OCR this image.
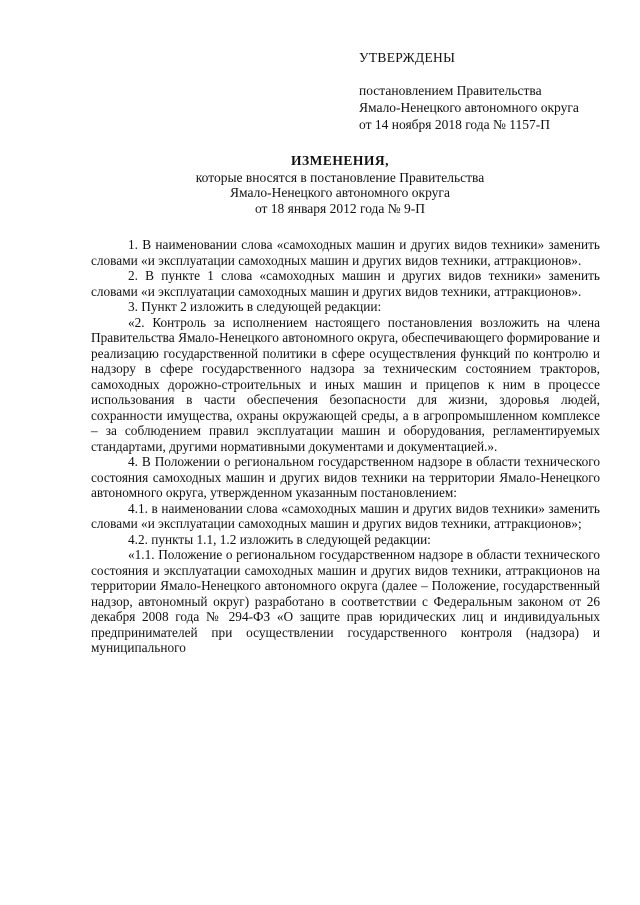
УТВЕРЖДЕНЫ
постановлением Правительства
Ямало-Ненецкого автономного округа
от 14 ноября 2018 года № 1157-П
ИЗМЕНЕНИЯ,
которые вносятся в постановление Правительства
Ямало-Ненецкого автономного округа
от 18 января 2012 года № 9-П

1. В наименовании слова «самоходных машин и других видов техники» заменить словами «и эксплуатации самоходных машин и других видов техники, аттракционов».

2. В пункте 1 слова «самоходных машин и других видов техники» заменить словами «и эксплуатации самоходных машин и других видов техники, аттракционов».

3. Пункт 2 изложить в следующей редакции:

«2. Контроль за исполнением настоящего постановления возложить на члена Правительства Ямало-Ненецкого автономного округа, обеспечивающего формирование и реализацию государственной политики в сфере осуществления функций по контролю и надзору в сфере государственного надзора за техническим состоянием тракторов, самоходных дорожно-строительных и иных машин и прицепов к ним в процессе использования в части обеспечения безопасности для жизни, здоровья людей, сохранности имущества, охраны окружающей среды, а в агропромышленном комплексе – за соблюдением правил эксплуатации машин и оборудования, регламентируемых стандартами, другими нормативными документами и документацией.».

4. В Положении о региональном государственном надзоре в области технического состояния самоходных машин и других видов техники на территории Ямало-Ненецкого автономного округа, утвержденном указанным постановлением:

4.1. в наименовании слова «самоходных машин и других видов техники» заменить словами «и эксплуатации самоходных машин и других видов техники, аттракционов»;

4.2. пункты 1.1, 1.2 изложить в следующей редакции:

«1.1. Положение о региональном государственном надзоре в области технического состояния и эксплуатации самоходных машин и других видов техники, аттракционов на территории Ямало-Ненецкого автономного округа (далее – Положение, государственный надзор, автономный округ) разработано в соответствии с Федеральным законом от 26 декабря 2008 года № 294-ФЗ «О защите прав юридических лиц и индивидуальных предпринимателей при осуществлении государственного контроля (надзора) и муниципального
